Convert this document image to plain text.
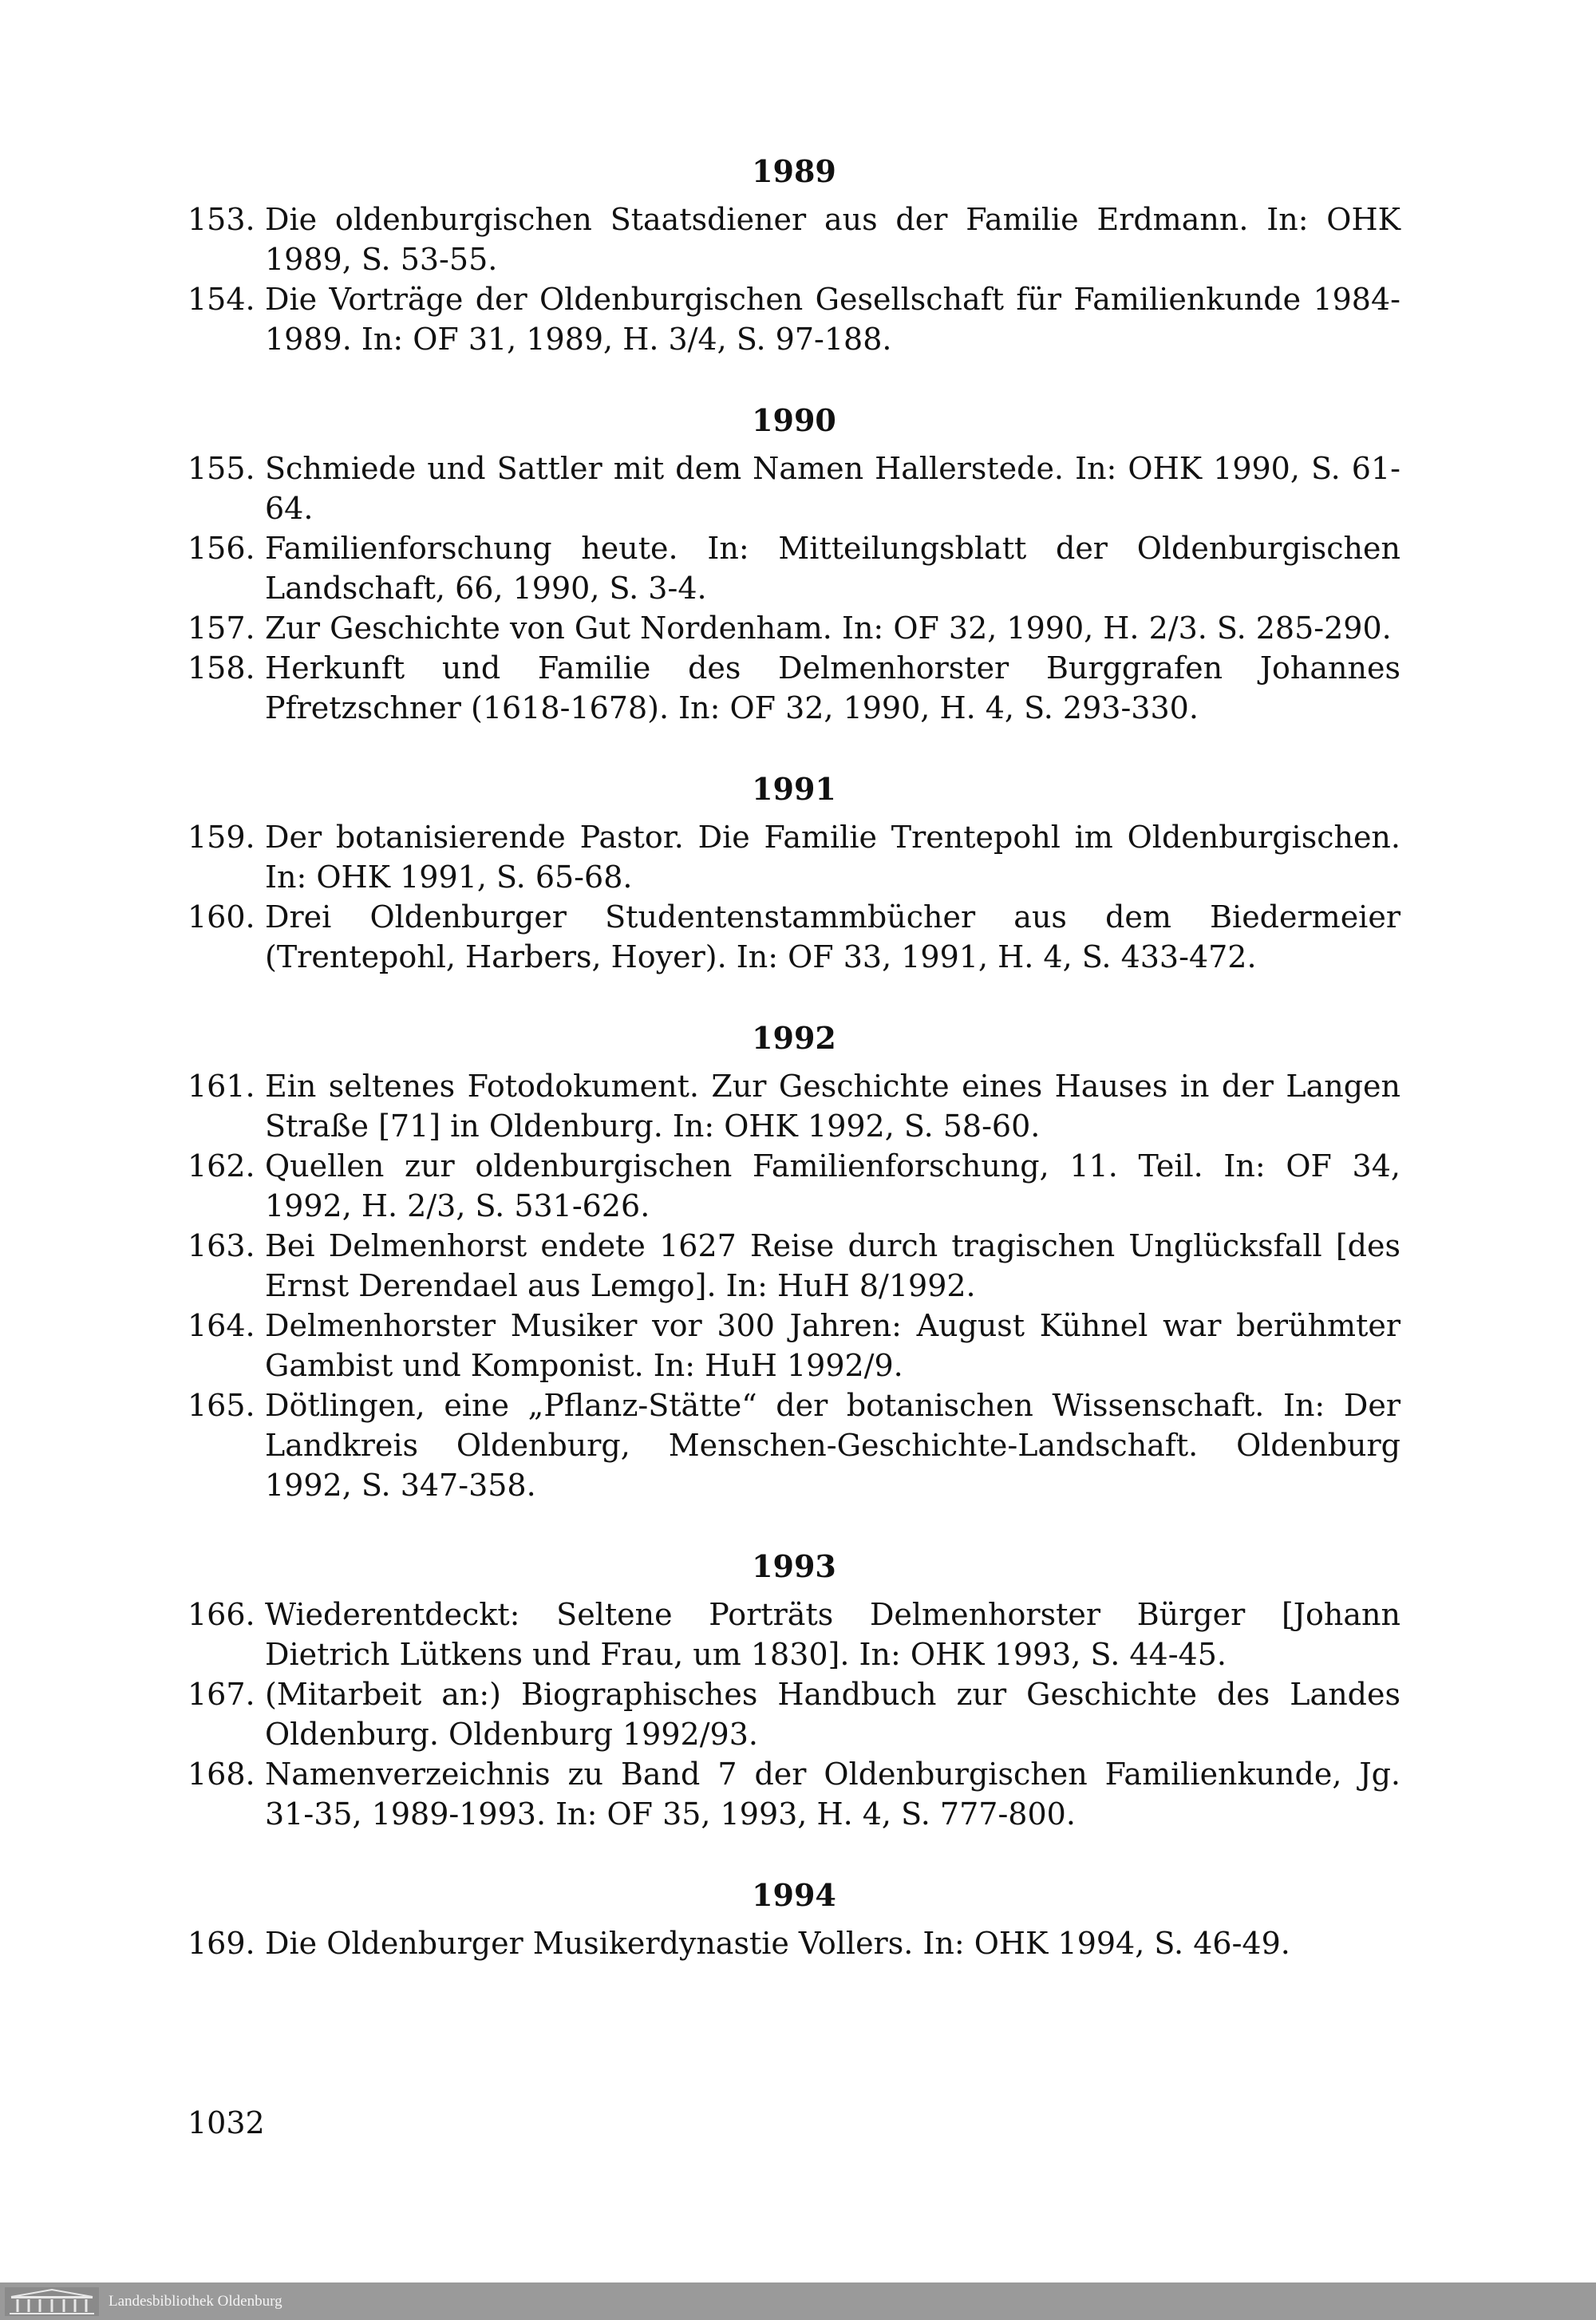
1989
153. Die oldenburgischen Staatsdiener aus der Familie Erdmann. In: OHK 1989, S. 53-55.
154. Die Vorträge der Oldenburgischen Gesellschaft für Familienkunde 1984-1989. In: OF 31, 1989, H. 3/4, S. 97-188.
1990
155. Schmiede und Sattler mit dem Namen Hallerstede. In: OHK 1990, S. 61-64.
156. Familienforschung heute. In: Mitteilungsblatt der Oldenburgischen Landschaft, 66, 1990, S. 3-4.
157. Zur Geschichte von Gut Nordenham. In: OF 32, 1990, H. 2/3. S. 285-290.
158. Herkunft und Familie des Delmenhorster Burggrafen Johannes Pfretzschner (1618-1678). In: OF 32, 1990, H. 4, S. 293-330.
1991
159. Der botanisierende Pastor. Die Familie Trentepohl im Oldenburgischen. In: OHK 1991, S. 65-68.
160. Drei Oldenburger Studentenstammbücher aus dem Biedermeier (Trentepohl, Harbers, Hoyer). In: OF 33, 1991, H. 4, S. 433-472.
1992
161. Ein seltenes Fotodokument. Zur Geschichte eines Hauses in der Langen Straße [71] in Oldenburg. In: OHK 1992, S. 58-60.
162. Quellen zur oldenburgischen Familienforschung, 11. Teil. In: OF 34, 1992, H. 2/3, S. 531-626.
163. Bei Delmenhorst endete 1627 Reise durch tragischen Unglücksfall [des Ernst Derendael aus Lemgo]. In: HuH 8/1992.
164. Delmenhorster Musiker vor 300 Jahren: August Kühnel war berühmter Gambist und Komponist. In: HuH 1992/9.
165. Dötlingen, eine „Pflanz-Stätte“ der botanischen Wissenschaft. In: Der Landkreis Oldenburg, Menschen-Geschichte-Landschaft. Oldenburg 1992, S. 347-358.
1993
166. Wiederentdeckt: Seltene Porträts Delmenhorster Bürger [Johann Dietrich Lütkens und Frau, um 1830]. In: OHK 1993, S. 44-45.
167. (Mitarbeit an:) Biographisches Handbuch zur Geschichte des Landes Oldenburg. Oldenburg 1992/93.
168. Namenverzeichnis zu Band 7 der Oldenburgischen Familienkunde, Jg. 31-35, 1989-1993. In: OF 35, 1993, H. 4, S. 777-800.
1994
169. Die Oldenburger Musikerdynastie Vollers. In: OHK 1994, S. 46-49.
1032
Landesbibliothek Oldenburg
